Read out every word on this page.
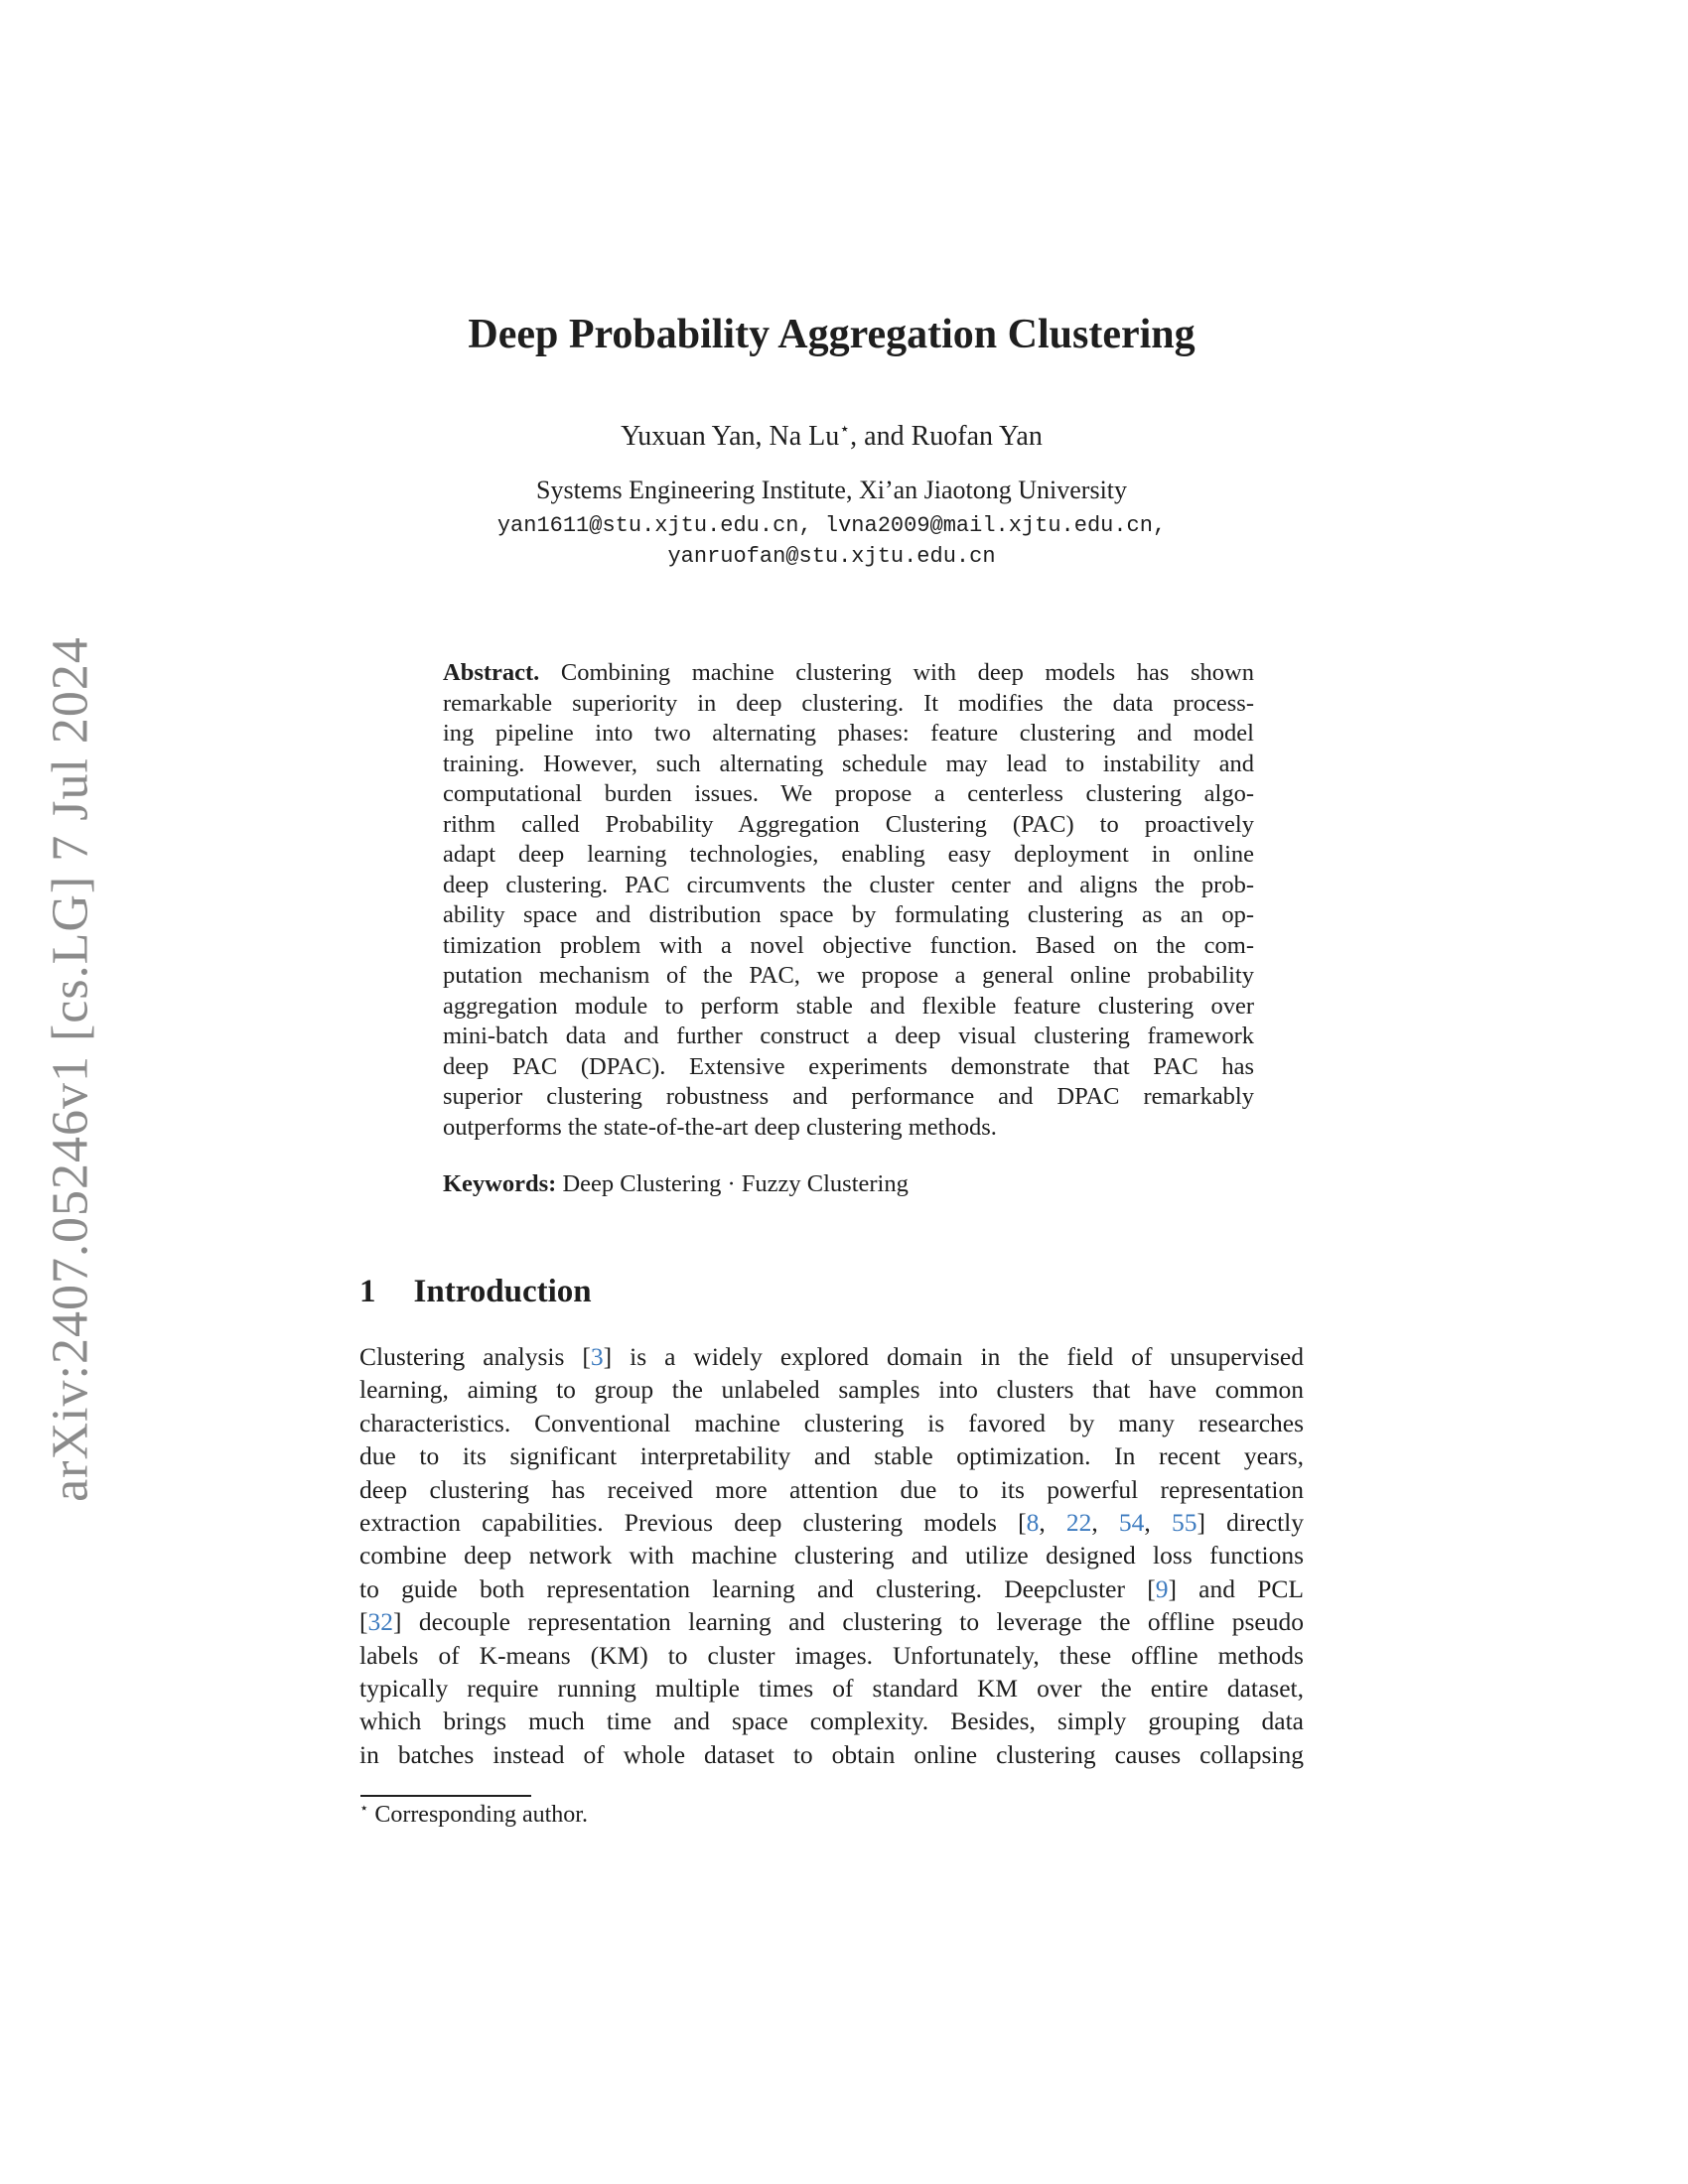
arXiv:2407.05246v1 [cs.LG] 7 Jul 2024
Deep Probability Aggregation Clustering
Yuxuan Yan, Na Lu⋆, and Ruofan Yan
Systems Engineering Institute, Xi’an Jiaotong University
yan1611@stu.xjtu.edu.cn, lvna2009@mail.xjtu.edu.cn,
yanruofan@stu.xjtu.edu.cn
Abstract. Combining machine clustering with deep models has shown
remarkable superiority in deep clustering. It modifies the data process-
ing pipeline into two alternating phases: feature clustering and model
training. However, such alternating schedule may lead to instability and
computational burden issues. We propose a centerless clustering algo-
rithm called Probability Aggregation Clustering (PAC) to proactively
adapt deep learning technologies, enabling easy deployment in online
deep clustering. PAC circumvents the cluster center and aligns the prob-
ability space and distribution space by formulating clustering as an op-
timization problem with a novel objective function. Based on the com-
putation mechanism of the PAC, we propose a general online probability
aggregation module to perform stable and flexible feature clustering over
mini-batch data and further construct a deep visual clustering framework
deep PAC (DPAC). Extensive experiments demonstrate that PAC has
superior clustering robustness and performance and DPAC remarkably
outperforms the state-of-the-art deep clustering methods.
Keywords: Deep Clustering · Fuzzy Clustering
1 Introduction
Clustering analysis [3] is a widely explored domain in the field of unsupervised
learning, aiming to group the unlabeled samples into clusters that have common
characteristics. Conventional machine clustering is favored by many researches
due to its significant interpretability and stable optimization. In recent years,
deep clustering has received more attention due to its powerful representation
extraction capabilities. Previous deep clustering models [8, 22, 54, 55] directly
combine deep network with machine clustering and utilize designed loss functions
to guide both representation learning and clustering. Deepcluster [9] and PCL
[32] decouple representation learning and clustering to leverage the offline pseudo
labels of K-means (KM) to cluster images. Unfortunately, these offline methods
typically require running multiple times of standard KM over the entire dataset,
which brings much time and space complexity. Besides, simply grouping data
in batches instead of whole dataset to obtain online clustering causes collapsing
⋆ Corresponding author.
